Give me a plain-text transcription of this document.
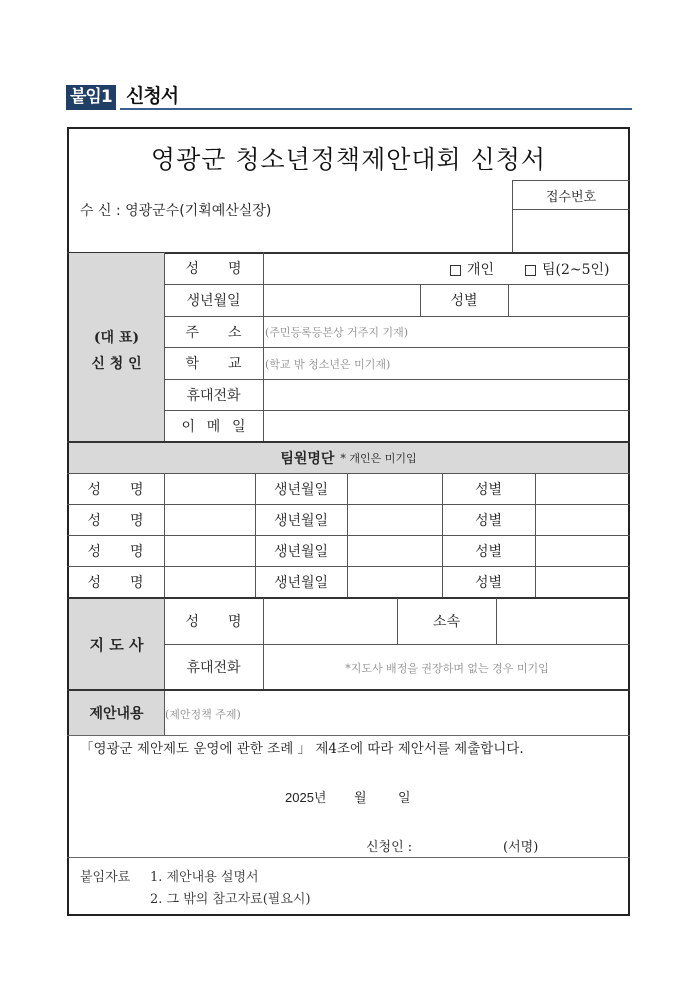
붙임1 신청서
영광군 청소년정책제안대회 신청서
수 신 : 영광군수(기획예산실장)
접수번호
(대 표)
신 청 인
성 명	개인	팀(2~5인)
생년월일	성별
주 소 (주민등록등본상 거주지 기재)
학 교 (학교 밖 청소년은 미기재)
휴대전화
이 메 일
팀원명단 * 개인은 미기입
성 명	생년월일	성별
성 명	생년월일	성별
성 명	생년월일	성별
성 명	생년월일	성별
지 도 사
성 명	소속
휴대전화	*지도사 배정을 권장하며 없는 경우 미기입
제안내용	(제안정책 주제)
「영광군 제안제도 운영에 관한 조례 」 제4조에 따라 제안서를 제출합니다.
2025년 월 일
신청인 :	(서명)
붙임자료 1. 제안내용 설명서
2. 그 밖의 참고자료(필요시)
